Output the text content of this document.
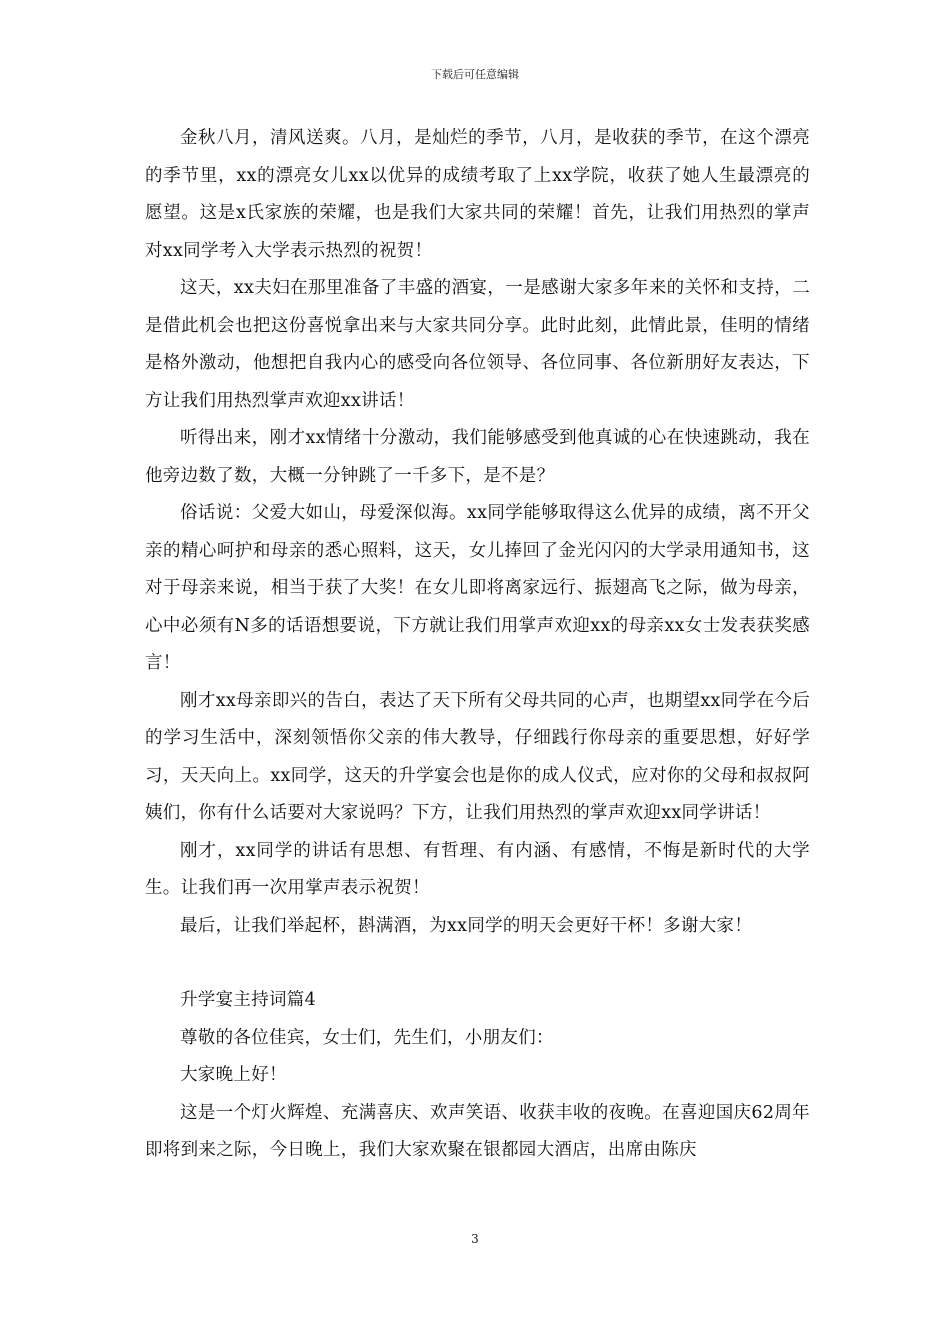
下载后可任意编辑

金秋八月，清风送爽。八月，是灿烂的季节，八月，是收获的季节，在这个漂亮的季节里，xx的漂亮女儿xx以优异的成绩考取了上xx学院，收获了她人生最漂亮的愿望。这是x氏家族的荣耀，也是我们大家共同的荣耀！首先，让我们用热烈的掌声对xx同学考入大学表示热烈的祝贺！

这天，xx夫妇在那里准备了丰盛的酒宴，一是感谢大家多年来的关怀和支持，二是借此机会也把这份喜悦拿出来与大家共同分享。此时此刻，此情此景，佳明的情绪是格外激动，他想把自我内心的感受向各位领导、各位同事、各位新朋好友表达，下方让我们用热烈掌声欢迎xx讲话！

听得出来，刚才xx情绪十分激动，我们能够感受到他真诚的心在快速跳动，我在他旁边数了数，大概一分钟跳了一千多下，是不是？

俗话说：父爱大如山，母爱深似海。xx同学能够取得这么优异的成绩，离不开父亲的精心呵护和母亲的悉心照料，这天，女儿捧回了金光闪闪的大学录用通知书，这对于母亲来说，相当于获了大奖！在女儿即将离家远行、振翅高飞之际，做为母亲，心中必须有N多的话语想要说，下方就让我们用掌声欢迎xx的母亲xx女士发表获奖感言！

刚才xx母亲即兴的告白，表达了天下所有父母共同的心声，也期望xx同学在今后的学习生活中，深刻领悟你父亲的伟大教导，仔细践行你母亲的重要思想，好好学习，天天向上。xx同学，这天的升学宴会也是你的成人仪式，应对你的父母和叔叔阿姨们，你有什么话要对大家说吗？下方，让我们用热烈的掌声欢迎xx同学讲话！

刚才，xx同学的讲话有思想、有哲理、有内涵、有感情，不悔是新时代的大学生。让我们再一次用掌声表示祝贺！

最后，让我们举起杯，斟满酒，为xx同学的明天会更好干杯！多谢大家！

升学宴主持词篇4

尊敬的各位佳宾，女士们，先生们，小朋友们：

大家晚上好！

这是一个灯火辉煌、充满喜庆、欢声笑语、收获丰收的夜晚。在喜迎国庆62周年即将到来之际，今日晚上，我们大家欢聚在银都园大酒店，出席由陈庆

3
